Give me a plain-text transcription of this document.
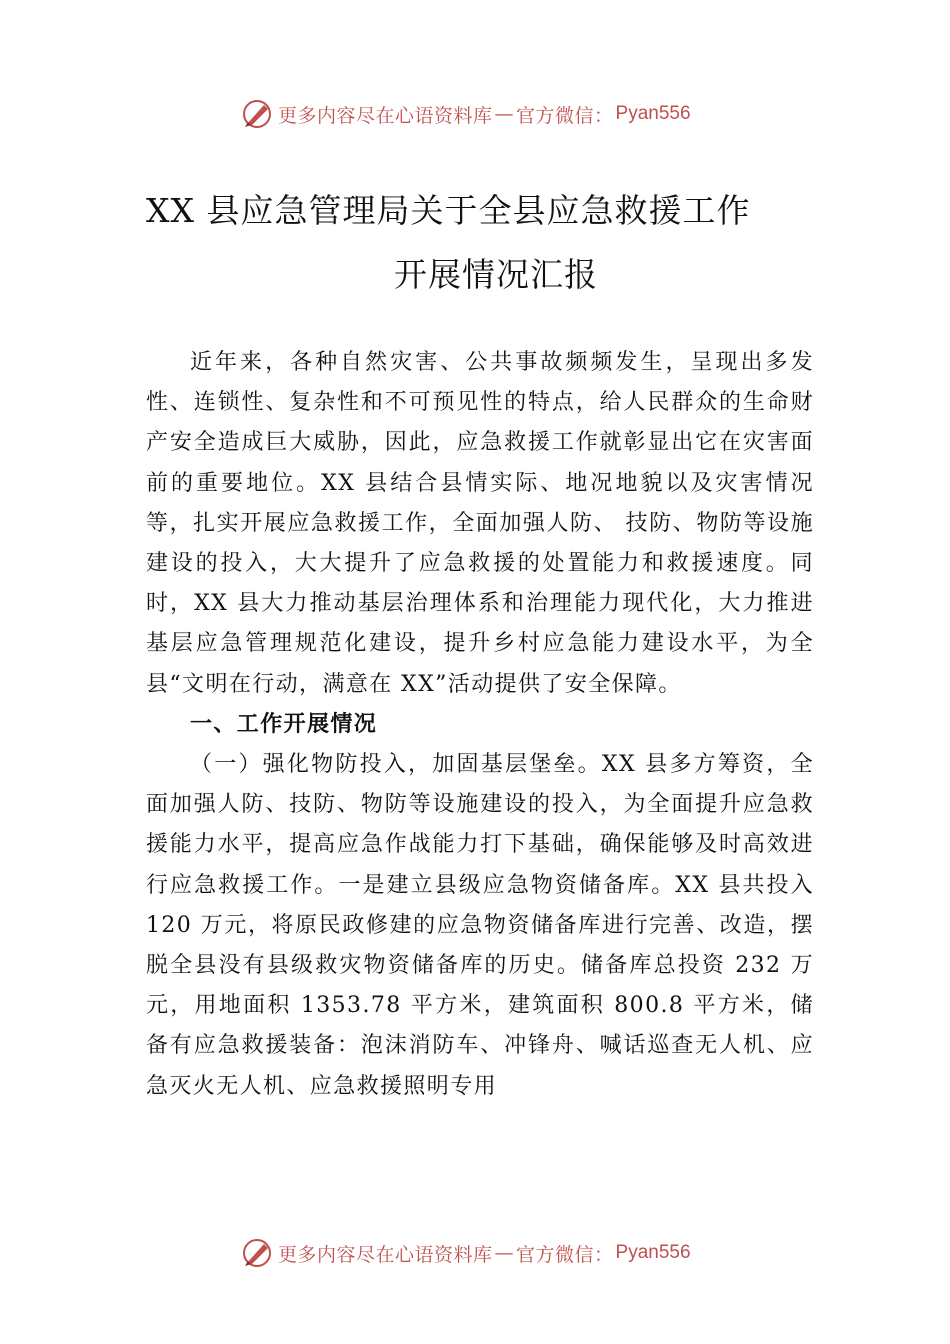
更多内容尽在心语资料库 — 官方微信： Pyan556
XX 县应急管理局关于全县应急救援工作
开展情况汇报

近年来，各种自然灾害、公共事故频频发生，呈现出多发性、连锁性、复杂性和不可预见性的特点，给人民群众的生命财产安全造成巨大威胁，因此，应急救援工作就彰显出它在灾害面前的重要地位。XX 县结合县情实际、地况地貌以及灾害情况等，扎实开展应急救援工作，全面加强人防、 技防、物防等设施建设的投入，大大提升了应急救援的处置能力和救援速度。同时，XX 县大力推动基层治理体系和治理能力现代化，大力推进基层应急管理规范化建设，提升乡村应急能力建设水平，为全县“文明在行动，满意在 XX”活动提供了安全保障。

一、工作开展情况

（一）强化物防投入，加固基层堡垒。XX 县多方筹资，全面加强人防、技防、物防等设施建设的投入，为全面提升应急救援能力水平，提高应急作战能力打下基础，确保能够及时高效进行应急救援工作。一是建立县级应急物资储备库。XX 县共投入 120 万元，将原民政修建的应急物资储备库进行完善、改造，摆脱全县没有县级救灾物资储备库的历史。储备库总投资 232 万元，用地面积 1353.78 平方米，建筑面积 800.8 平方米，储备有应急救援装备：泡沫消防车、冲锋舟、喊话巡查无人机、应急灭火无人机、应急救援照明专用

更多内容尽在心语资料库 — 官方微信： Pyan556
